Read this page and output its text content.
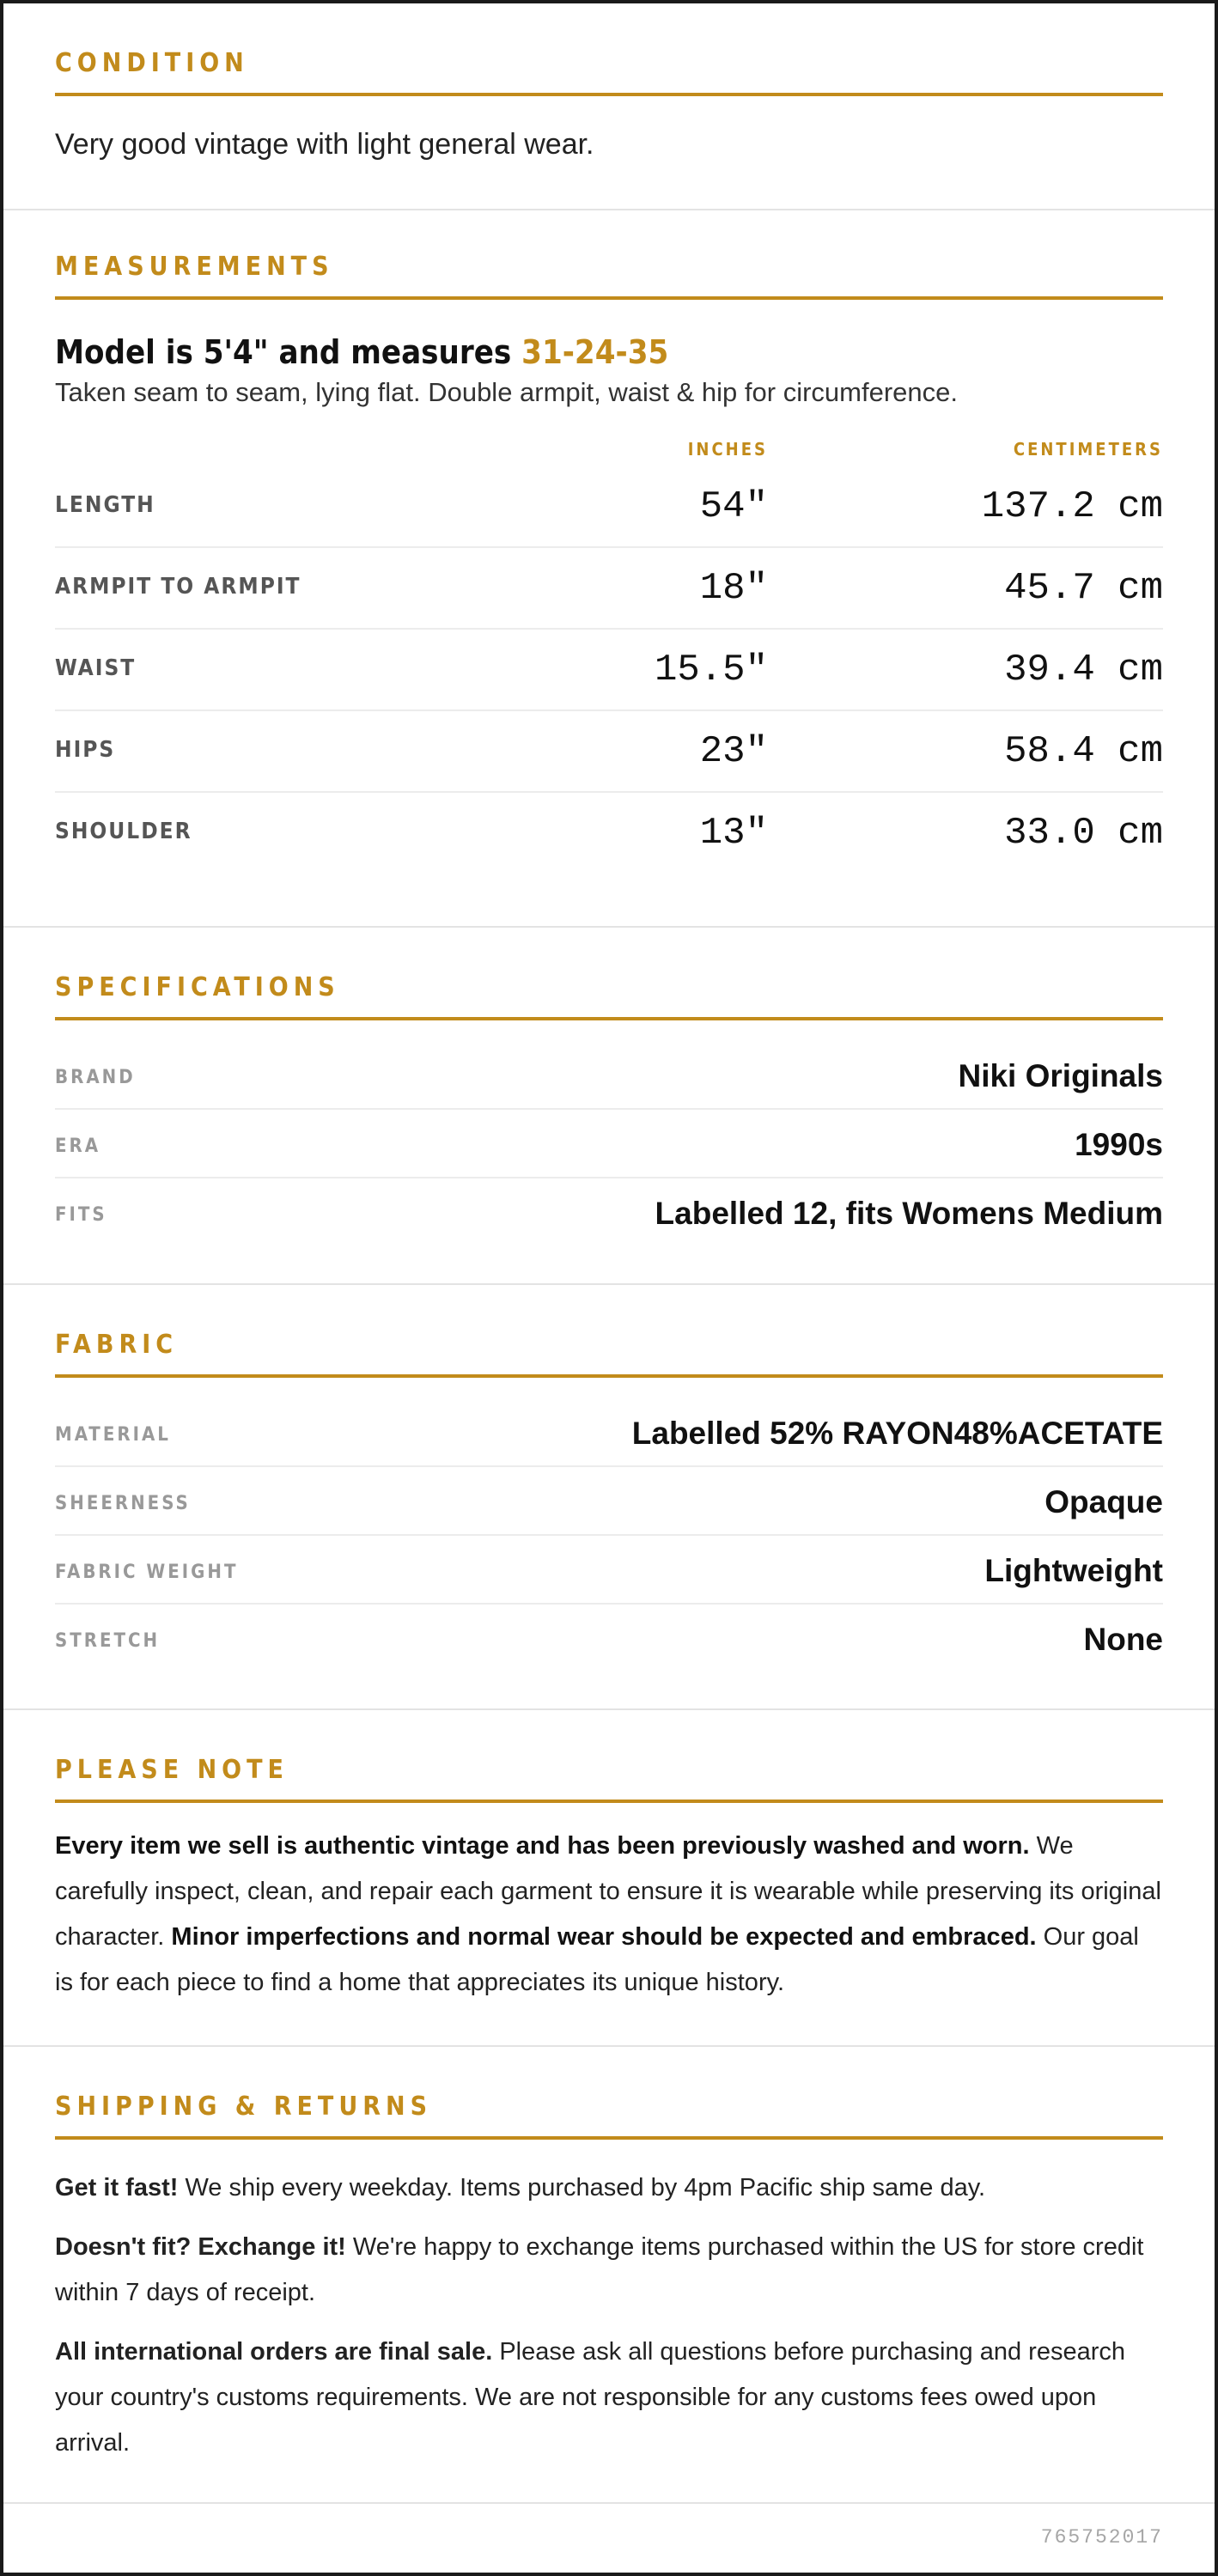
CONDITION
Very good vintage with light general wear.
MEASUREMENTS
Model is 5'4" and measures 31-24-35
Taken seam to seam, lying flat. Double armpit, waist & hip for circumference.
INCHES	CENTIMETERS
LENGTH	54"	137.2 cm
ARMPIT TO ARMPIT	18"	45.7 cm
WAIST	15.5"	39.4 cm
HIPS	23"	58.4 cm
SHOULDER	13"	33.0 cm
SPECIFICATIONS
BRAND	Niki Originals
ERA	1990s
FITS	Labelled 12, fits Womens Medium
FABRIC
MATERIAL	Labelled 52% RAYON48%ACETATE
SHEERNESS	Opaque
FABRIC WEIGHT	Lightweight
STRETCH	None
PLEASE NOTE
Every item we sell is authentic vintage and has been previously washed and worn. We carefully inspect, clean, and repair each garment to ensure it is wearable while preserving its original character. Minor imperfections and normal wear should be expected and embraced. Our goal is for each piece to find a home that appreciates its unique history.
SHIPPING & RETURNS

Get it fast! We ship every weekday. Items purchased by 4pm Pacific ship same day.

Doesn't fit? Exchange it! We're happy to exchange items purchased within the US for store credit within 7 days of receipt.

All international orders are final sale. Please ask all questions before purchasing and research your country's customs requirements. We are not responsible for any customs fees owed upon arrival.

765752017
